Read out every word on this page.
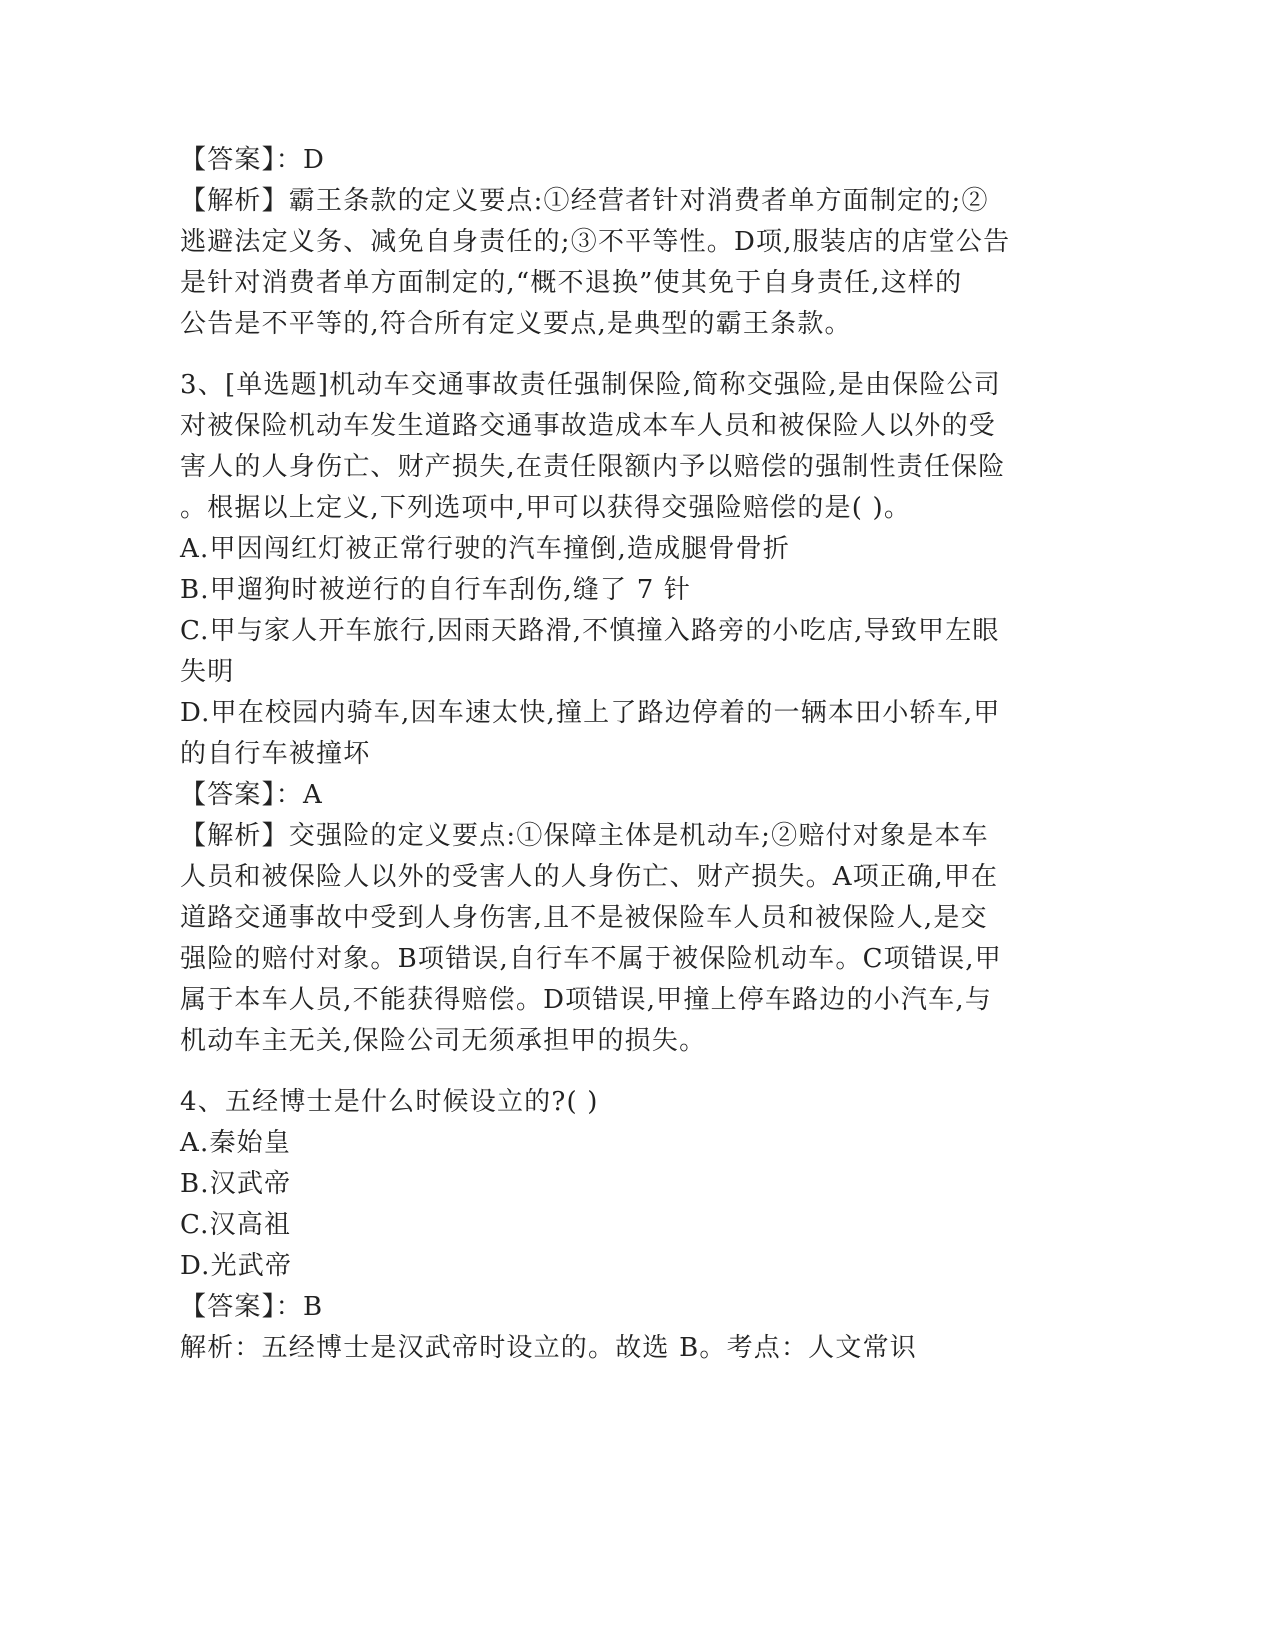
【答案】：D

【解析】霸王条款的定义要点:①经营者针对消费者单方面制定的;②

逃避法定义务、减免自身责任的;③不平等性。D项,服装店的店堂公告

是针对消费者单方面制定的,“概不退换”使其免于自身责任,这样的

公告是不平等的,符合所有定义要点,是典型的霸王条款。

3、[单选题]机动车交通事故责任强制保险,简称交强险,是由保险公司

对被保险机动车发生道路交通事故造成本车人员和被保险人以外的受

害人的人身伤亡、财产损失,在责任限额内予以赔偿的强制性责任保险

。根据以上定义,下列选项中,甲可以获得交强险赔偿的是( )。

A.甲因闯红灯被正常行驶的汽车撞倒,造成腿骨骨折

B.甲遛狗时被逆行的自行车刮伤,缝了 7 针

C.甲与家人开车旅行,因雨天路滑,不慎撞入路旁的小吃店,导致甲左眼

失明

D.甲在校园内骑车,因车速太快,撞上了路边停着的一辆本田小轿车,甲

的自行车被撞坏

【答案】：A

【解析】交强险的定义要点:①保障主体是机动车;②赔付对象是本车

人员和被保险人以外的受害人的人身伤亡、财产损失。A项正确,甲在

道路交通事故中受到人身伤害,且不是被保险车人员和被保险人,是交

强险的赔付对象。B项错误,自行车不属于被保险机动车。C项错误,甲

属于本车人员,不能获得赔偿。D项错误,甲撞上停车路边的小汽车,与

机动车主无关,保险公司无须承担甲的损失。

4、五经博士是什么时候设立的?( )

A.秦始皇

B.汉武帝

C.汉高祖

D.光武帝

【答案】：B

解析：五经博士是汉武帝时设立的。故选 B。考点：人文常识
